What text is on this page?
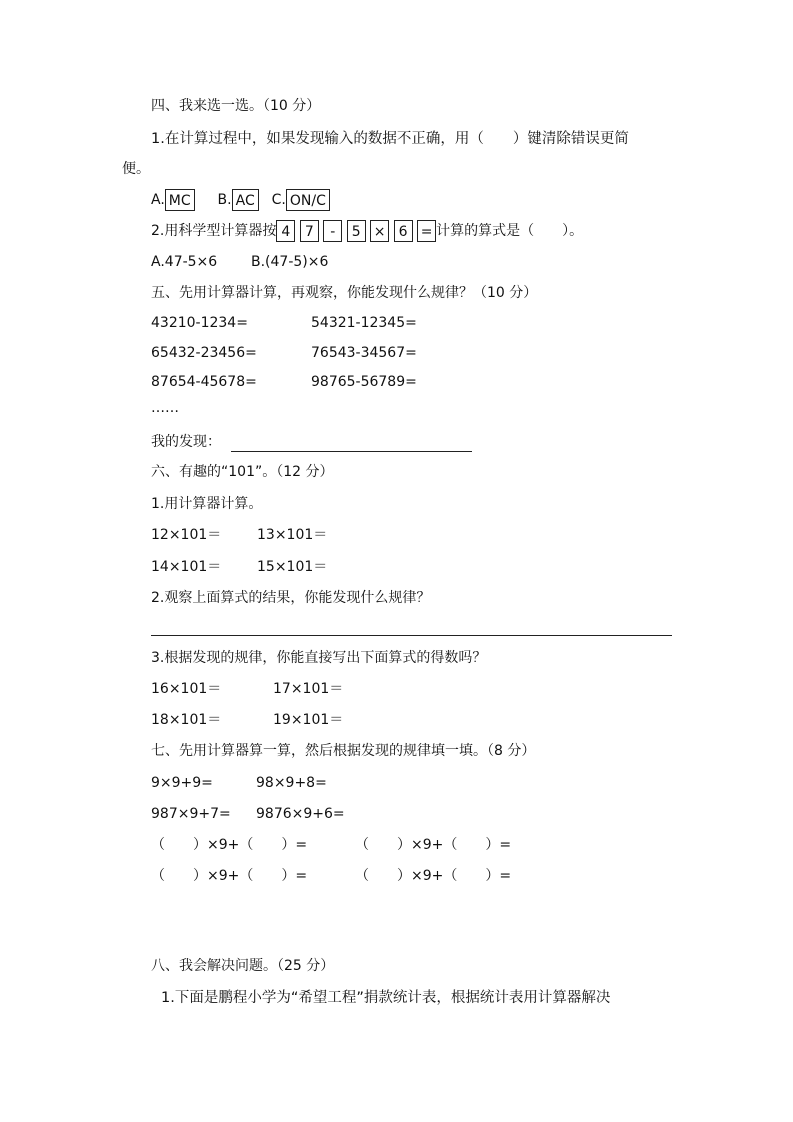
四、我来选一选。（10 分）
1.在计算过程中，如果发现输入的数据不正确，用（　　）键清除错误更简
便。
A. MC B. AC C. ON/C
2.用科学型计算器按 4 7 - 5 × 6 = 计算的算式是（　　）。
A.47-5×6 B.(47-5)×6
五、先用计算器计算，再观察，你能发现什么规律？（10 分）
43210-1234=	54321-12345=
65432-23456=	76543-34567=
87654-45678=	98765-56789=
……
我的发现：
六、有趣的“101”。（12 分）
1.用计算器计算。
12×101＝	13×101＝
14×101＝	15×101＝
2.观察上面算式的结果，你能发现什么规律？
3.根据发现的规律，你能直接写出下面算式的得数吗？
16×101＝	17×101＝
18×101＝	19×101＝
七、先用计算器算一算，然后根据发现的规律填一填。（8 分）
9×9+9=	98×9+8=
987×9+7= 9876×9+6=
（　　）×9+（　　）=	（　　）×9+（　　）=
（　　）×9+（　　）=	（　　）×9+（　　）=
八、我会解决问题。（25 分）
1.下面是鹏程小学为“希望工程”捐款统计表，根据统计表用计算器解决
